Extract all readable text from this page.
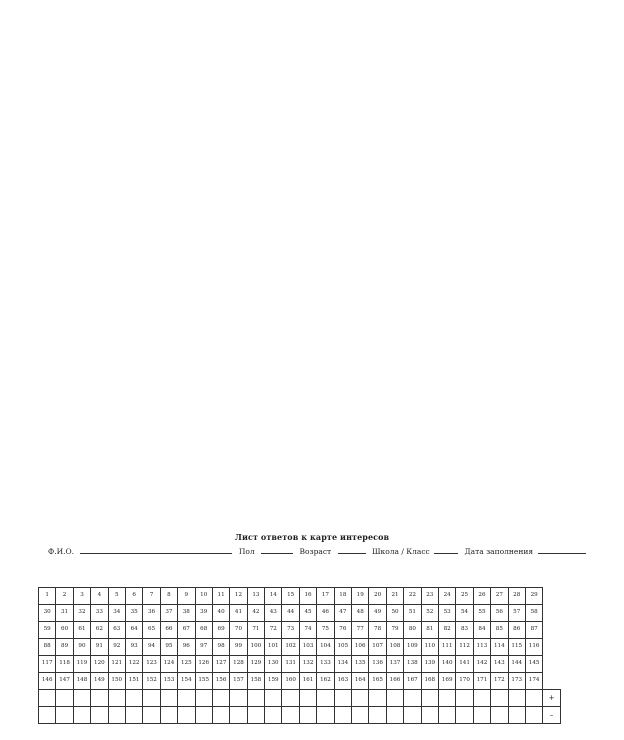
Лист ответов к карте интересов
Ф.И.О.	Пол	Возраст	Школа / Класс	Дата заполнения
1	2	3	4	5	6	7	8	9	10	11	12	13	14	15	16	17	18	19	20	21	22	23	24	25	26	27	28	29	
30	31	32	33	34	35	36	37	38	39	40	41	42	43	44	45	46	47	48	49	50	51	52	53	54	55	56	57	58	
59	60	61	62	63	64	65	66	67	68	69	70	71	72	73	74	75	76	77	78	79	80	81	82	83	84	85	86	87	
88	89	90	91	92	93	94	95	96	97	98	99	100	101	102	103	104	105	106	107	108	109	110	111	112	113	114	115	116	
117	118	119	120	121	122	123	124	125	126	127	128	129	130	131	132	133	134	135	136	137	138	139	140	141	142	143	144	145	
146	147	148	149	150	151	152	153	154	155	156	157	158	159	160	161	162	163	164	165	166	167	168	169	170	171	172	173	174	
																													+
																													–
